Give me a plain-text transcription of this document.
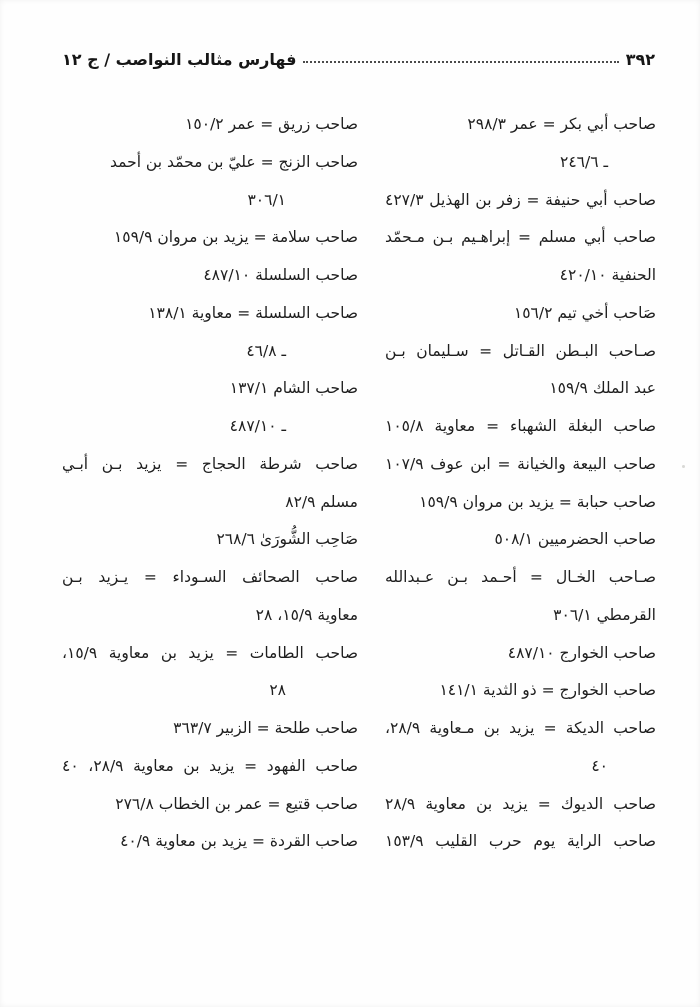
٣٩٢
فهارس مثالب النواصب / ج ١٢
صاحب أبي بكر = عمر ٢٩٨/٣
ـ ٢٤٦/٦
صاحب أبي حنيفة = زفر بن الهذيل ٤٢٧/٣
صاحب أبي مسلم = إبراهـيم بـن مـحمّد
الحنفية ٤٢٠/١٠
صَاحب أخي تيم ١٥٦/٢
صـاحب البـطن القـاتل = سـليمان بـن
عبد الملك ١٥٩/٩
صاحب البغلة الشهباء = معاوية ١٠٥/٨
صاحب البيعة والخيانة = ابن عوف ١٠٧/٩
صاحب حبابة = يزيد بن مروان ١٥٩/٩
صاحب الحضرميين ٥٠٨/١
صـاحب الخـال = أحـمد بـن عـبدالله
القرمطي ٣٠٦/١
صاحب الخوارج ٤٨٧/١٠
صاحب الخوارج = ذو الثدية ١٤١/١
صاحب الديكة = يزيد بن مـعاوية ٢٨/٩،
٤٠
صاحب الديوك = يزيد بن معاوية ٢٨/٩
صاحب الراية يوم حرب القليب ١٥٣/٩
صاحب زريق = عمر ١٥٠/٢
صاحب الزنج = عليّ بن محمّد بن أحمد
٣٠٦/١
صاحب سلامة = يزيد بن مروان ١٥٩/٩
صاحب السلسلة ٤٨٧/١٠
صاحب السلسلة = معاوية ١٣٨/١
ـ ٤٦/٨
صاحب الشام ١٣٧/١
ـ ٤٨٧/١٠
صاحب شرطة الحجاج = يزيد بـن أبـي
مسلم ٨٢/٩
صَاحِب الشُّورَىٰ ٢٦٨/٦
صاحب الصحائف السـوداء = يـزيد بـن
معاوية ١٥/٩، ٢٨
صاحب الطامات = يزيد بن معاوية ١٥/٩،
٢٨
صاحب طلحة = الزبير ٣٦٣/٧
صاحب الفهود = يزيد بن معاوية ٢٨/٩، ٤٠
صاحب قتيع = عمر بن الخطاب ٢٧٦/٨
صاحب القردة = يزيد بن معاوية ٤٠/٩
